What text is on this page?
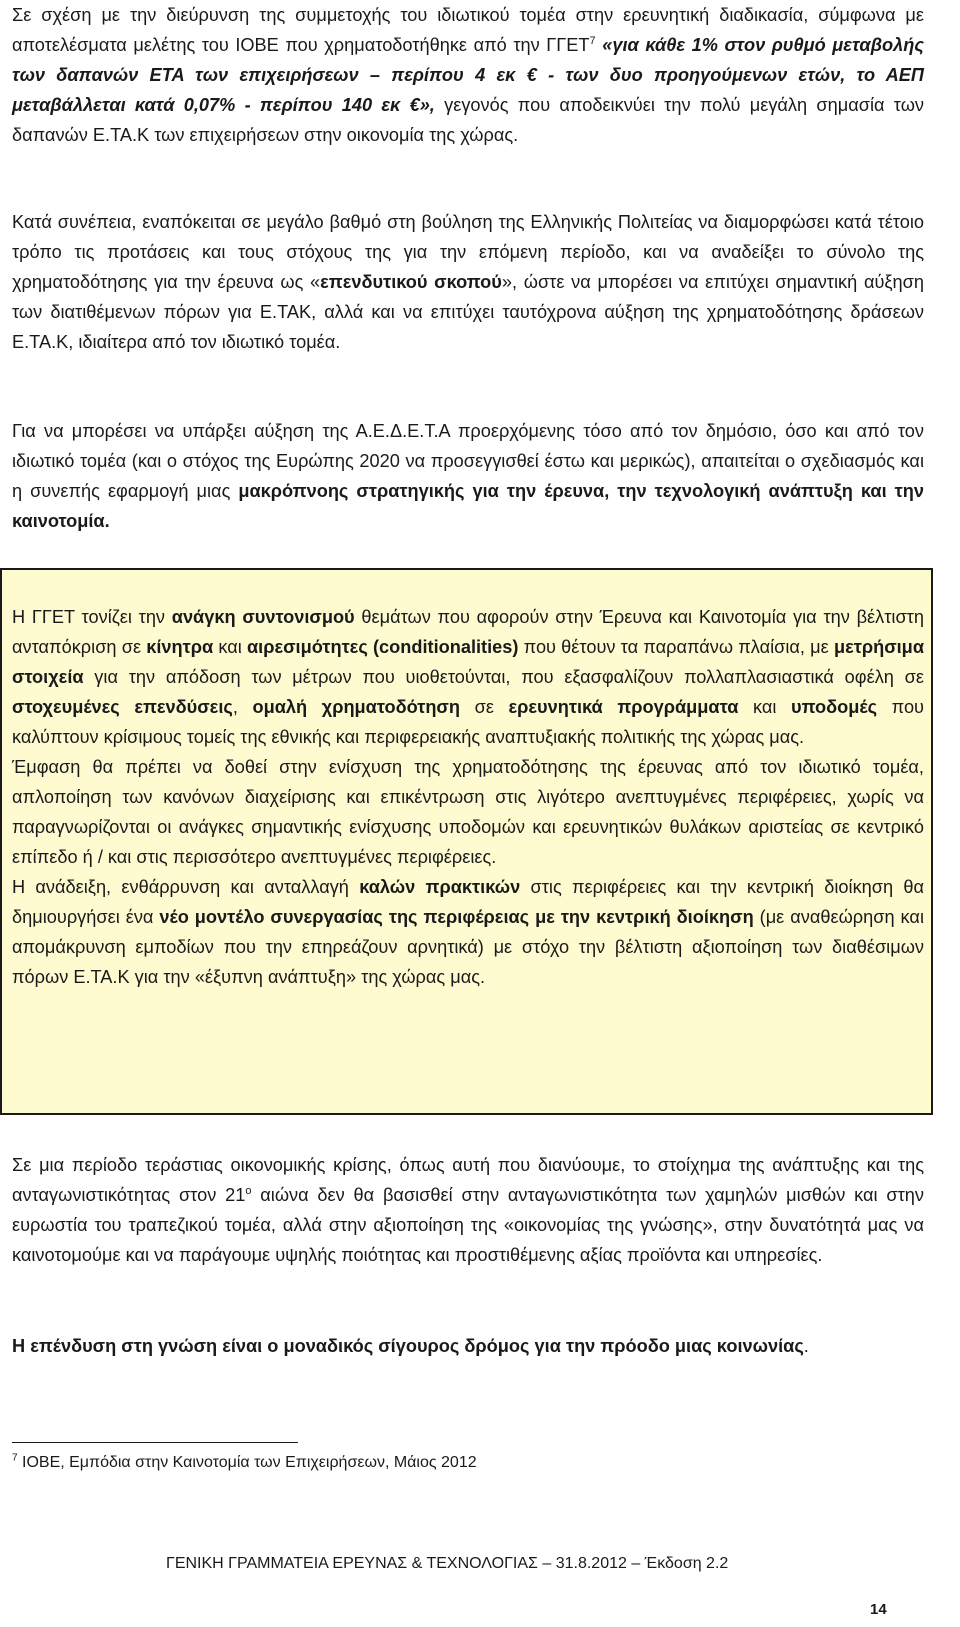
Σε σχέση με την διεύρυνση της συμμετοχής του ιδιωτικού τομέα στην ερευνητική διαδικασία, σύμφωνα με αποτελέσματα μελέτης του ΙΟΒΕ που χρηματοδοτήθηκε από την ΓΓΕΤ$^7$ «για κάθε 1% στον ρυθμό μεταβολής των δαπανών ΕΤΑ των επιχειρήσεων – περίπου 4 εκ € - των δυο προηγούμενων ετών, το ΑΕΠ μεταβάλλεται κατά 0,07% - περίπου 140 εκ €», γεγονός που αποδεικνύει την πολύ μεγάλη σημασία των δαπανών Ε.ΤΑ.Κ των επιχειρήσεων στην οικονομία της χώρας.

Κατά συνέπεια, εναπόκειται σε μεγάλο βαθμό στη βούληση της Ελληνικής Πολιτείας να διαμορφώσει κατά τέτοιο τρόπο τις προτάσεις και τους στόχους της για την επόμενη περίοδο, και να αναδείξει το σύνολο της χρηματοδότησης για την έρευνα ως «επενδυτικού σκοπού», ώστε να μπορέσει να επιτύχει σημαντική αύξηση των διατιθέμενων πόρων για Ε.ΤΑΚ, αλλά και να επιτύχει ταυτόχρονα αύξηση της χρηματοδότησης δράσεων Ε.ΤΑ.Κ, ιδιαίτερα από τον ιδιωτικό τομέα.

Για να μπορέσει να υπάρξει αύξηση της Α.Ε.Δ.Ε.Τ.Α προερχόμενης τόσο από τον δημόσιο, όσο και από τον ιδιωτικό τομέα (και ο στόχος της Ευρώπης 2020 να προσεγγισθεί έστω και μερικώς), απαιτείται ο σχεδιασμός και η συνεπής εφαρμογή μιας μακρόπνοης στρατηγικής για την έρευνα, την τεχνολογική ανάπτυξη και την καινοτομία.

Η ΓΓΕΤ τονίζει την ανάγκη συντονισμού θεμάτων που αφορούν στην Έρευνα και Καινοτομία για την βέλτιστη ανταπόκριση σε κίνητρα και αιρεσιμότητες (conditionalities) που θέτουν τα παραπάνω πλαίσια, με μετρήσιμα στοιχεία για την απόδοση των μέτρων που υιοθετούνται, που εξασφαλίζουν πολλαπλασιαστικά οφέλη σε στοχευμένες επενδύσεις, ομαλή χρηματοδότηση σε ερευνητικά προγράμματα και υποδομές που καλύπτουν κρίσιμους τομείς της εθνικής και περιφερειακής αναπτυξιακής πολιτικής της χώρας μας.

Έμφαση θα πρέπει να δοθεί στην ενίσχυση της χρηματοδότησης της έρευνας από τον ιδιωτικό τομέα, απλοποίηση των κανόνων διαχείρισης και επικέντρωση στις λιγότερο ανεπτυγμένες περιφέρειες, χωρίς να παραγνωρίζονται οι ανάγκες σημαντικής ενίσχυσης υποδομών και ερευνητικών θυλάκων αριστείας σε κεντρικό επίπεδο ή / και στις περισσότερο ανεπτυγμένες περιφέρειες.

Η ανάδειξη, ενθάρρυνση και ανταλλαγή καλών πρακτικών στις περιφέρειες και την κεντρική διοίκηση θα δημιουργήσει ένα νέο μοντέλο συνεργασίας της περιφέρειας με την κεντρική διοίκηση (με αναθεώρηση και απομάκρυνση εμποδίων που την επηρεάζουν αρνητικά) με στόχο την βέλτιστη αξιοποίηση των διαθέσιμων πόρων Ε.ΤΑ.Κ για την «έξυπνη ανάπτυξη» της χώρας μας.

Σε μια περίοδο τεράστιας οικονομικής κρίσης, όπως αυτή που διανύουμε, το στοίχημα της ανάπτυξης και της ανταγωνιστικότητας στον $21^o$ αιώνα δεν θα βασισθεί στην ανταγωνιστικότητα των χαμηλών μισθών και στην ευρωστία του τραπεζικού τομέα, αλλά στην αξιοποίηση της «οικονομίας της γνώσης», στην δυνατότητά μας να καινοτομούμε και να παράγουμε υψηλής ποιότητας και προστιθέμενης αξίας προϊόντα και υπηρεσίες.

Η επένδυση στη γνώση είναι ο μοναδικός σίγουρος δρόμος για την πρόοδο μιας κοινωνίας.

$^7$ ΙΟΒΕ, Εμπόδια στην Καινοτομία των Επιχειρήσεων, Μάιος 2012
ΓΕΝΙΚΗ ΓΡΑΜΜΑΤΕΙΑ ΕΡΕΥΝΑΣ & ΤΕΧΝΟΛΟΓΙΑΣ – 31.8.2012 – Έκδοση 2.2
14
